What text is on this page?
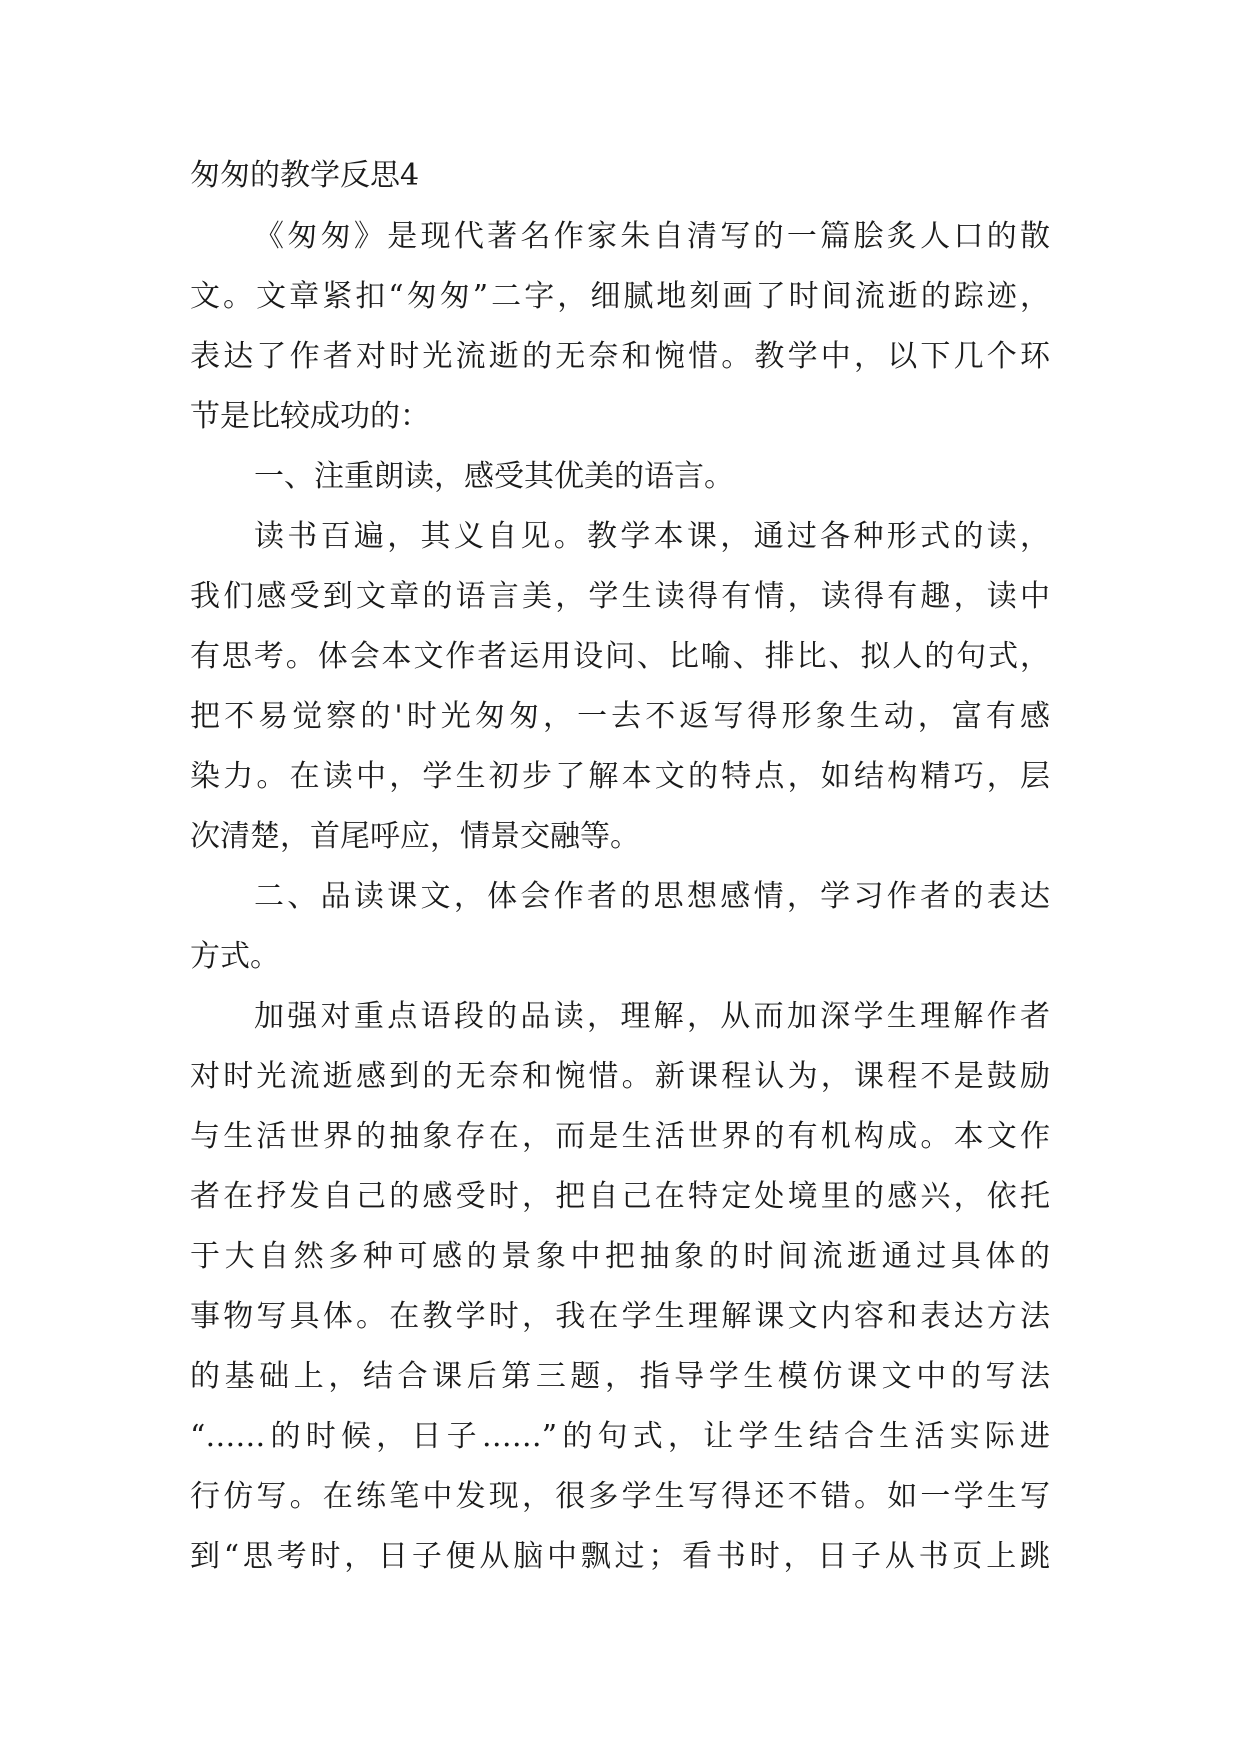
匆匆的教学反思4
《匆匆》是现代著名作家朱自清写的一篇脍炙人口的散
文。文章紧扣“匆匆”二字，细腻地刻画了时间流逝的踪迹，
表达了作者对时光流逝的无奈和惋惜。教学中，以下几个环
节是比较成功的：
一、注重朗读，感受其优美的语言。
读书百遍，其义自见。教学本课，通过各种形式的读，
我们感受到文章的语言美，学生读得有情，读得有趣，读中
有思考。体会本文作者运用设问、比喻、排比、拟人的句式，
把不易觉察的'时光匆匆，一去不返写得形象生动，富有感
染力。在读中，学生初步了解本文的特点，如结构精巧，层
次清楚，首尾呼应，情景交融等。
二、品读课文，体会作者的思想感情，学习作者的表达
方式。
加强对重点语段的品读，理解，从而加深学生理解作者
对时光流逝感到的无奈和惋惜。新课程认为，课程不是鼓励
与生活世界的抽象存在，而是生活世界的有机构成。本文作
者在抒发自己的感受时，把自己在特定处境里的感兴，依托
于大自然多种可感的景象中把抽象的时间流逝通过具体的
事物写具体。在教学时，我在学生理解课文内容和表达方法
的基础上，结合课后第三题，指导学生模仿课文中的写法
“……的时候，日子……”的句式，让学生结合生活实际进
行仿写。在练笔中发现，很多学生写得还不错。如一学生写
到“思考时，日子便从脑中飘过；看书时，日子从书页上跳
